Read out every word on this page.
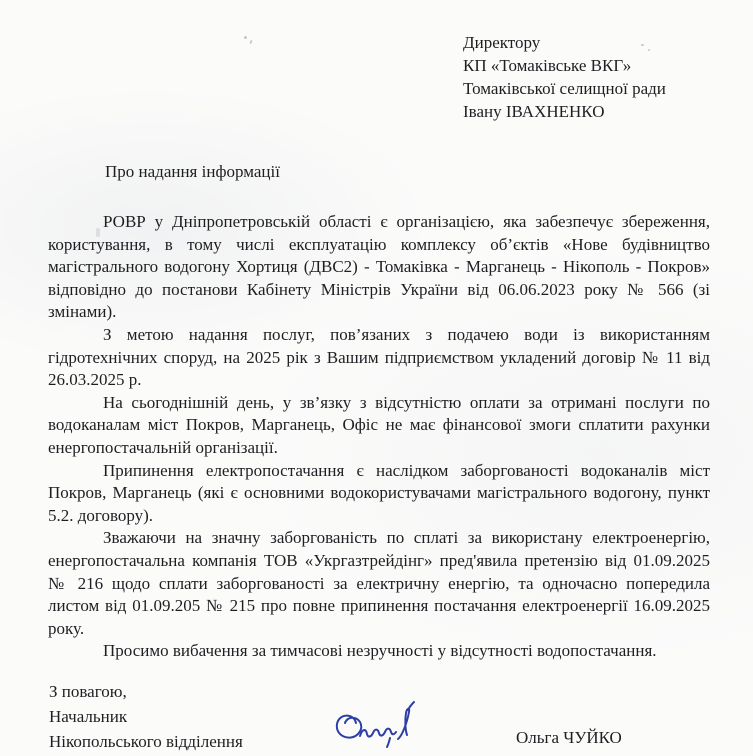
Директору
КП «Томаківське ВКГ»
Томаківської селищної ради
Івану ІВАХНЕНКО
Про надання інформації

РОВР у Дніпропетровській області є організацією, яка забезпечує збереження, користування, в тому числі експлуатацію комплексу об’єктів «Нове будівництво магістрального водогону Хортиця (ДВС2) - Томаківка - Марганець - Нікополь - Покров» відповідно до постанови Кабінету Міністрів України від 06.06.2023 року № 566 (зі змінами).

З метою надання послуг, пов’язаних з подачею води із використанням гідротехнічних споруд, на 2025 рік з Вашим підприємством укладений договір № 11 від 26.03.2025 р.

На сьогоднішній день, у зв’язку з відсутністю оплати за отримані послуги по водоканалам міст Покров, Марганець, Офіс не має фінансової змоги сплатити рахунки енергопостачальній організації.

Припинення електропостачання є наслідком заборгованості водоканалів міст Покров, Марганець (які є основними водокористувачами магістрального водогону, пункт 5.2. договору).

Зважаючи на значну заборгованість по сплаті за використану електроенергію, енергопостачальна компанія ТОВ «Укргазтрейдінг» пред'явила претензію від 01.09.2025 № 216 щодо сплати заборгованості за електричну енергію, та одночасно попередила листом від 01.09.205 № 215 про повне припинення постачання електроенергії 16.09.2025 року.

Просимо вибачення за тимчасові незручності у відсутності водопостачання.

З повагою,
Начальник
Нікопольського відділення	Ольга ЧУЙКО
